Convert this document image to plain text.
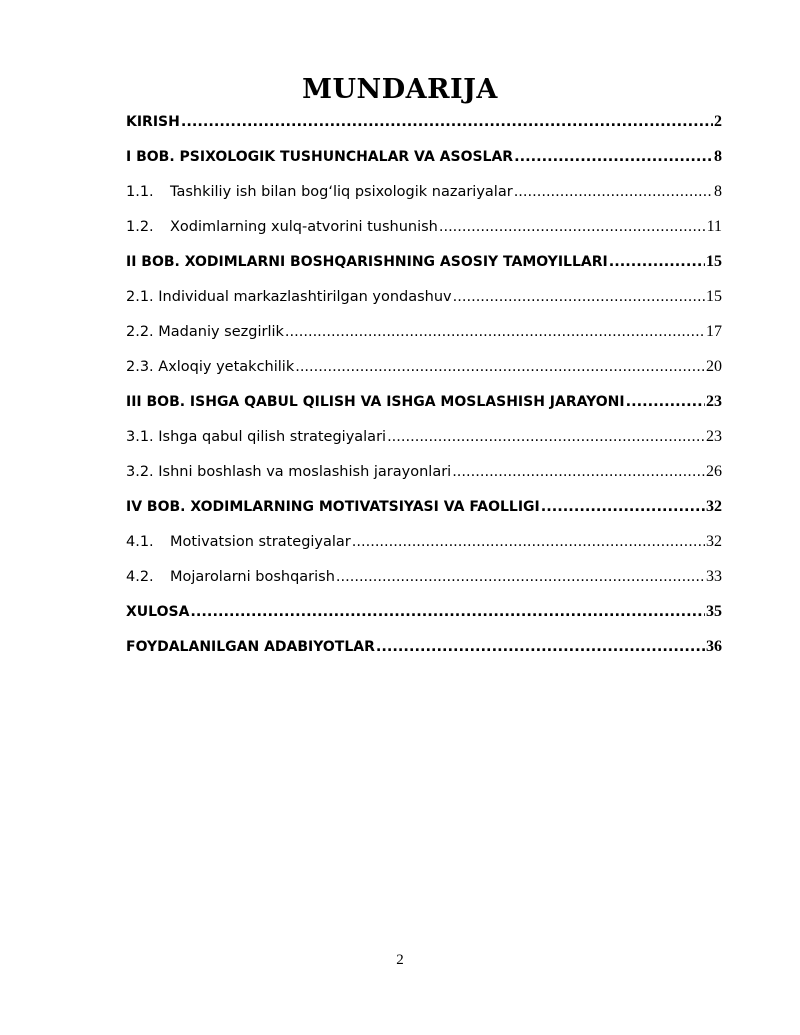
MUNDARIJA
KIRISH .....	2
I BOB. PSIXOLOGIK TUSHUNCHALAR VA ASOSLAR .....	8
1.1. Tashkiliy ish bilan bog‘liq psixologik nazariyalar .....	8
1.2. Xodimlarning xulq-atvorini tushunish .....	11
II BOB. XODIMLARNI BOSHQARISHNING ASOSIY TAMOYILLARI .....	15
2.1. Individual markazlashtirilgan yondashuv .....	15
2.2. Madaniy sezgirlik .....	17
2.3. Axloqiy yetakchilik .....	20
III BOB. ISHGA QABUL QILISH VA ISHGA MOSLASHISH JARAYONI .....	23
3.1. Ishga qabul qilish strategiyalari .....	23
3.2. Ishni boshlash va moslashish jarayonlari .....	26
IV BOB. XODIMLARNING MOTIVATSIYASI VA FAOLLIGI .....	32
4.1. Motivatsion strategiyalar .....	32
4.2. Mojarolarni boshqarish .....	33
XULOSA .....	35
FOYDALANILGAN ADABIYOTLAR .....	36
2
